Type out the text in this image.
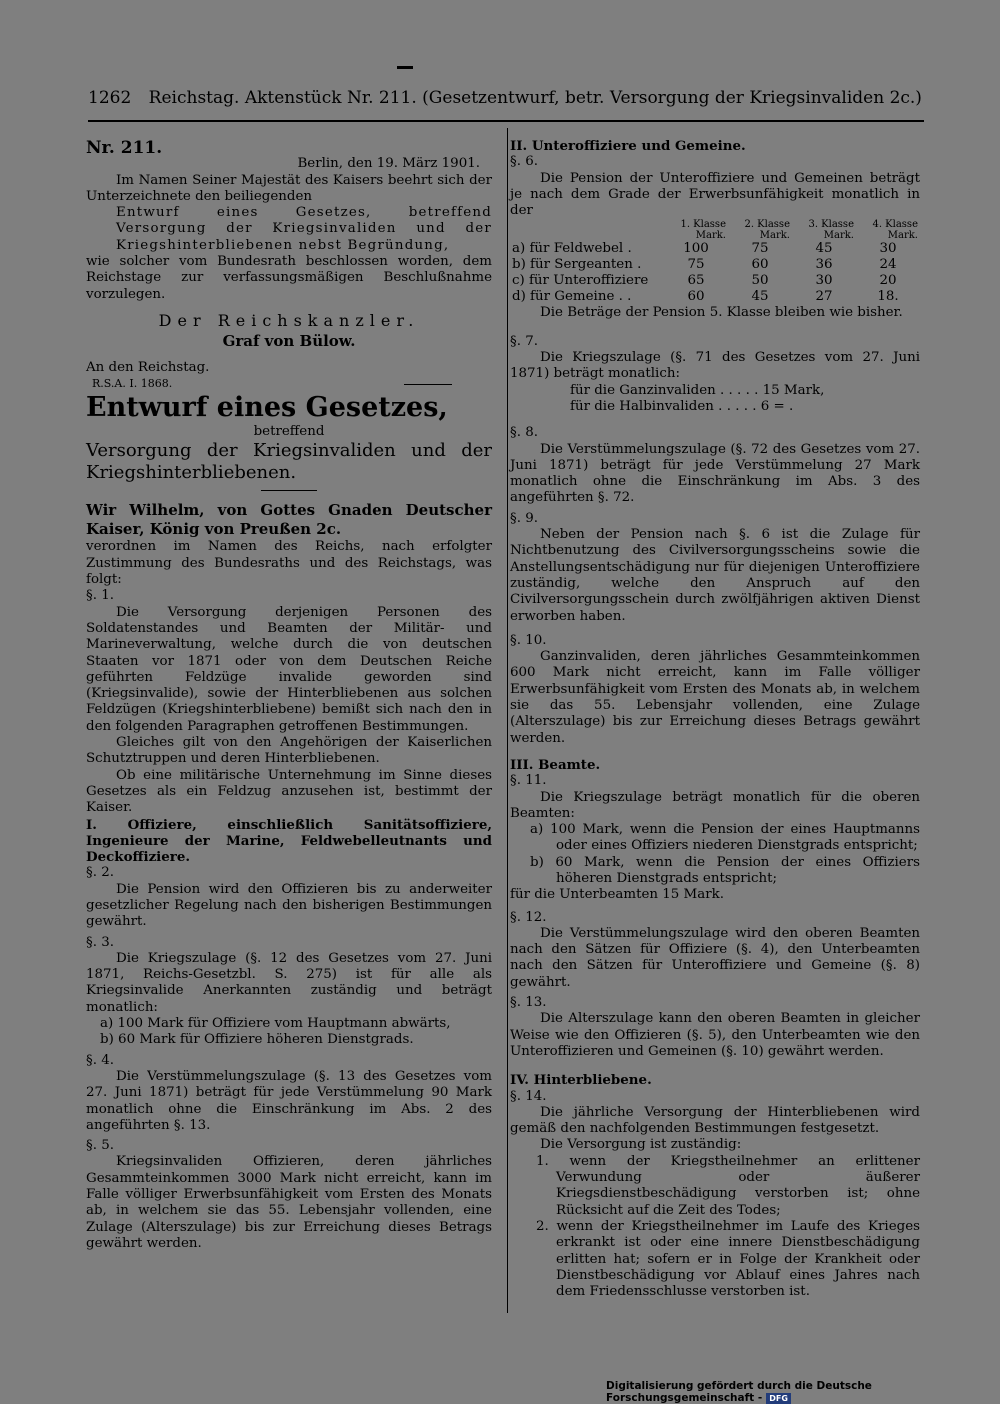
1262 Reichstag. Aktenstück Nr. 211. (Gesetzentwurf, betr. Versorgung der Kriegsinvaliden 2c.)

Nr. 211.

Berlin, den 19. März 1901.

Im Namen Seiner Majestät des Kaisers beehrt sich der Unterzeichnete den beiliegenden

Entwurf eines Gesetzes, betreffend Versorgung der Kriegsinvaliden und der Kriegshinterbliebenen nebst Begründung,

wie solcher vom Bundesrath beschlossen worden, dem Reichstage zur verfassungsmäßigen Beschlußnahme vorzulegen.

Der Reichskanzler.

Graf von Bülow.

An den Reichstag.

R.S.A. I. 1868.

Entwurf eines Gesetzes,

betreffend

Versorgung der Kriegsinvaliden und der Kriegshinterbliebenen.

Wir Wilhelm, von Gottes Gnaden Deutscher Kaiser, König von Preußen 2c.

verordnen im Namen des Reichs, nach erfolgter Zustimmung des Bundesraths und des Reichstags, was folgt:

§. 1.

Die Versorgung derjenigen Personen des Soldatenstandes und Beamten der Militär- und Marineverwaltung, welche durch die von deutschen Staaten vor 1871 oder von dem Deutschen Reiche geführten Feldzüge invalide geworden sind (Kriegsinvalide), sowie der Hinterbliebenen aus solchen Feldzügen (Kriegshinterbliebene) bemißt sich nach den in den folgenden Paragraphen getroffenen Bestimmungen.

Gleiches gilt von den Angehörigen der Kaiserlichen Schutztruppen und deren Hinterbliebenen.

Ob eine militärische Unternehmung im Sinne dieses Gesetzes als ein Feldzug anzusehen ist, bestimmt der Kaiser.

I. Offiziere, einschließlich Sanitätsoffiziere, Ingenieure der Marine, Feldwebelleutnants und Deckoffiziere.

§. 2.

Die Pension wird den Offizieren bis zu anderweiter gesetzlicher Regelung nach den bisherigen Bestimmungen gewährt.

§. 3.

Die Kriegszulage (§. 12 des Gesetzes vom 27. Juni 1871, Reichs-Gesetzbl. S. 275) ist für alle als Kriegsinvalide Anerkannten zuständig und beträgt monatlich:

a) 100 Mark für Offiziere vom Hauptmann abwärts,

b) 60 Mark für Offiziere höheren Dienstgrads.

§. 4.

Die Verstümmelungszulage (§. 13 des Gesetzes vom 27. Juni 1871) beträgt für jede Verstümmelung 90 Mark monatlich ohne die Einschränkung im Abs. 2 des angeführten §. 13.

§. 5.

Kriegsinvaliden Offizieren, deren jährliches Gesammteinkommen 3000 Mark nicht erreicht, kann im Falle völliger Erwerbsunfähigkeit vom Ersten des Monats ab, in welchem sie das 55. Lebensjahr vollenden, eine Zulage (Alterszulage) bis zur Erreichung dieses Betrags gewährt werden.

II. Unteroffiziere und Gemeine.

§. 6.

Die Pension der Unteroffiziere und Gemeinen beträgt je nach dem Grade der Erwerbsunfähigkeit monatlich in der

	1. Klasse Mark.	2. Klasse Mark.	3. Klasse Mark.	4. Klasse Mark.
a) für Feldwebel .	100	75	45	30
b) für Sergeanten .	75	60	36	24
c) für Unteroffiziere	65	50	30	20
d) für Gemeine . .	60	45	27	18.

Die Beträge der Pension 5. Klasse bleiben wie bisher.

§. 7.

Die Kriegszulage (§. 71 des Gesetzes vom 27. Juni 1871) beträgt monatlich:

für die Ganzinvaliden . . . . . 15 Mark,

für die Halbinvaliden . . . . . 6 = .

§. 8.

Die Verstümmelungszulage (§. 72 des Gesetzes vom 27. Juni 1871) beträgt für jede Verstümmelung 27 Mark monatlich ohne die Einschränkung im Abs. 3 des angeführten §. 72.

§. 9.

Neben der Pension nach §. 6 ist die Zulage für Nichtbenutzung des Civilversorgungsscheins sowie die Anstellungsentschädigung nur für diejenigen Unteroffiziere zuständig, welche den Anspruch auf den Civilversorgungsschein durch zwölfjährigen aktiven Dienst erworben haben.

§. 10.

Ganzinvaliden, deren jährliches Gesammteinkommen 600 Mark nicht erreicht, kann im Falle völliger Erwerbsunfähigkeit vom Ersten des Monats ab, in welchem sie das 55. Lebensjahr vollenden, eine Zulage (Alterszulage) bis zur Erreichung dieses Betrags gewährt werden.

III. Beamte.

§. 11.

Die Kriegszulage beträgt monatlich für die oberen Beamten:

a) 100 Mark, wenn die Pension der eines Hauptmanns oder eines Offiziers niederen Dienstgrads entspricht;

b) 60 Mark, wenn die Pension der eines Offiziers höheren Dienstgrads entspricht;

für die Unterbeamten 15 Mark.

§. 12.

Die Verstümmelungszulage wird den oberen Beamten nach den Sätzen für Offiziere (§. 4), den Unterbeamten nach den Sätzen für Unteroffiziere und Gemeine (§. 8) gewährt.

§. 13.

Die Alterszulage kann den oberen Beamten in gleicher Weise wie den Offizieren (§. 5), den Unterbeamten wie den Unteroffizieren und Gemeinen (§. 10) gewährt werden.

IV. Hinterbliebene.

§. 14.

Die jährliche Versorgung der Hinterbliebenen wird gemäß den nachfolgenden Bestimmungen festgesetzt.

Die Versorgung ist zuständig:

1. wenn der Kriegstheilnehmer an erlittener Verwundung oder äußerer Kriegsdienstbeschädigung verstorben ist; ohne Rücksicht auf die Zeit des Todes;

2. wenn der Kriegstheilnehmer im Laufe des Krieges erkrankt ist oder eine innere Dienstbeschädigung erlitten hat; sofern er in Folge der Krankheit oder Dienstbeschädigung vor Ablauf eines Jahres nach dem Friedensschlusse verstorben ist.

Digitalisierung gefördert durch die Deutsche Forschungsgemeinschaft - DFG
